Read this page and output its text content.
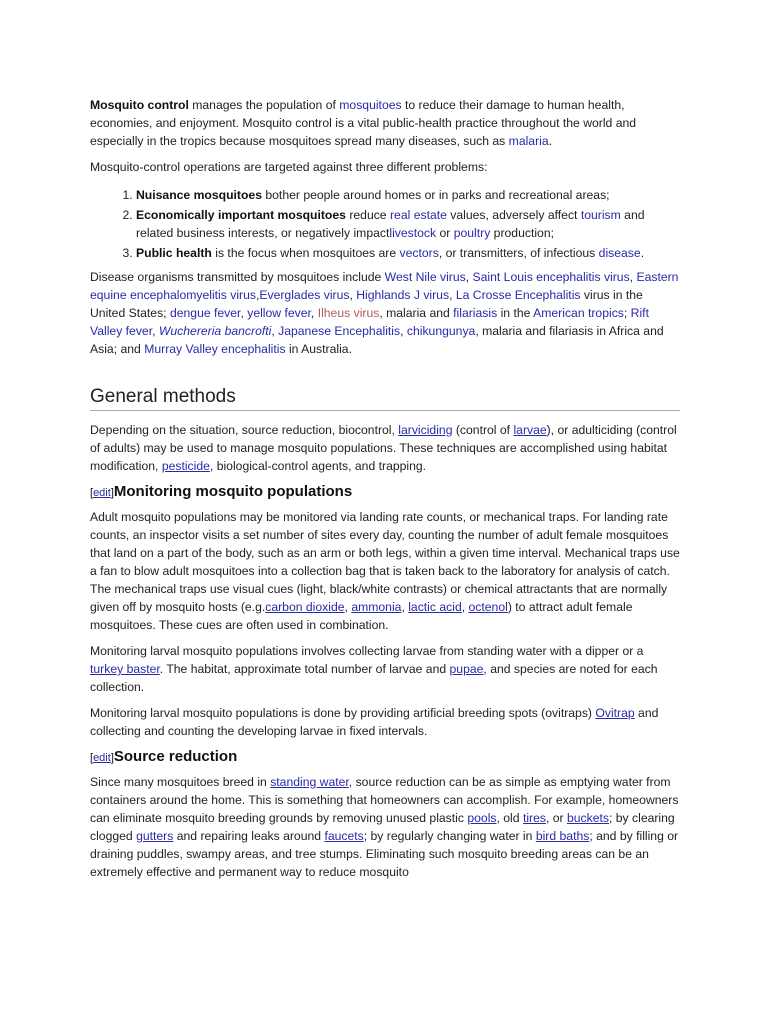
Mosquito control manages the population of mosquitoes to reduce their damage to human health, economies, and enjoyment. Mosquito control is a vital public-health practice throughout the world and especially in the tropics because mosquitoes spread many diseases, such as malaria.

Mosquito-control operations are targeted against three different problems:

1. Nuisance mosquitoes bother people around homes or in parks and recreational areas;
2. Economically important mosquitoes reduce real estate values, adversely affect tourism and related business interests, or negatively impactlivestock or poultry production;
3. Public health is the focus when mosquitoes are vectors, or transmitters, of infectious disease.

Disease organisms transmitted by mosquitoes include West Nile virus, Saint Louis encephalitis virus, Eastern equine encephalomyelitis virus,Everglades virus, Highlands J virus, La Crosse Encephalitis virus in the United States; dengue fever, yellow fever, Ilheus virus, malaria and filariasis in the American tropics; Rift Valley fever, Wuchereria bancrofti, Japanese Encephalitis, chikungunya, malaria and filariasis in Africa and Asia; and Murray Valley encephalitis in Australia.

General methods

Depending on the situation, source reduction, biocontrol, larviciding (control of larvae), or adulticiding (control of adults) may be used to manage mosquito populations. These techniques are accomplished using habitat modification, pesticide, biological-control agents, and trapping.

[edit]Monitoring mosquito populations

Adult mosquito populations may be monitored via landing rate counts, or mechanical traps. For landing rate counts, an inspector visits a set number of sites every day, counting the number of adult female mosquitoes that land on a part of the body, such as an arm or both legs, within a given time interval. Mechanical traps use a fan to blow adult mosquitoes into a collection bag that is taken back to the laboratory for analysis of catch. The mechanical traps use visual cues (light, black/white contrasts) or chemical attractants that are normally given off by mosquito hosts (e.g.carbon dioxide, ammonia, lactic acid, octenol) to attract adult female mosquitoes. These cues are often used in combination.

Monitoring larval mosquito populations involves collecting larvae from standing water with a dipper or a turkey baster. The habitat, approximate total number of larvae and pupae, and species are noted for each collection.

Monitoring larval mosquito populations is done by providing artificial breeding spots (ovitraps) Ovitrap and collecting and counting the developing larvae in fixed intervals.

[edit]Source reduction

Since many mosquitoes breed in standing water, source reduction can be as simple as emptying water from containers around the home. This is something that homeowners can accomplish. For example, homeowners can eliminate mosquito breeding grounds by removing unused plastic pools, old tires, or buckets; by clearing clogged gutters and repairing leaks around faucets; by regularly changing water in bird baths; and by filling or draining puddles, swampy areas, and tree stumps. Eliminating such mosquito breeding areas can be an extremely effective and permanent way to reduce mosquito
